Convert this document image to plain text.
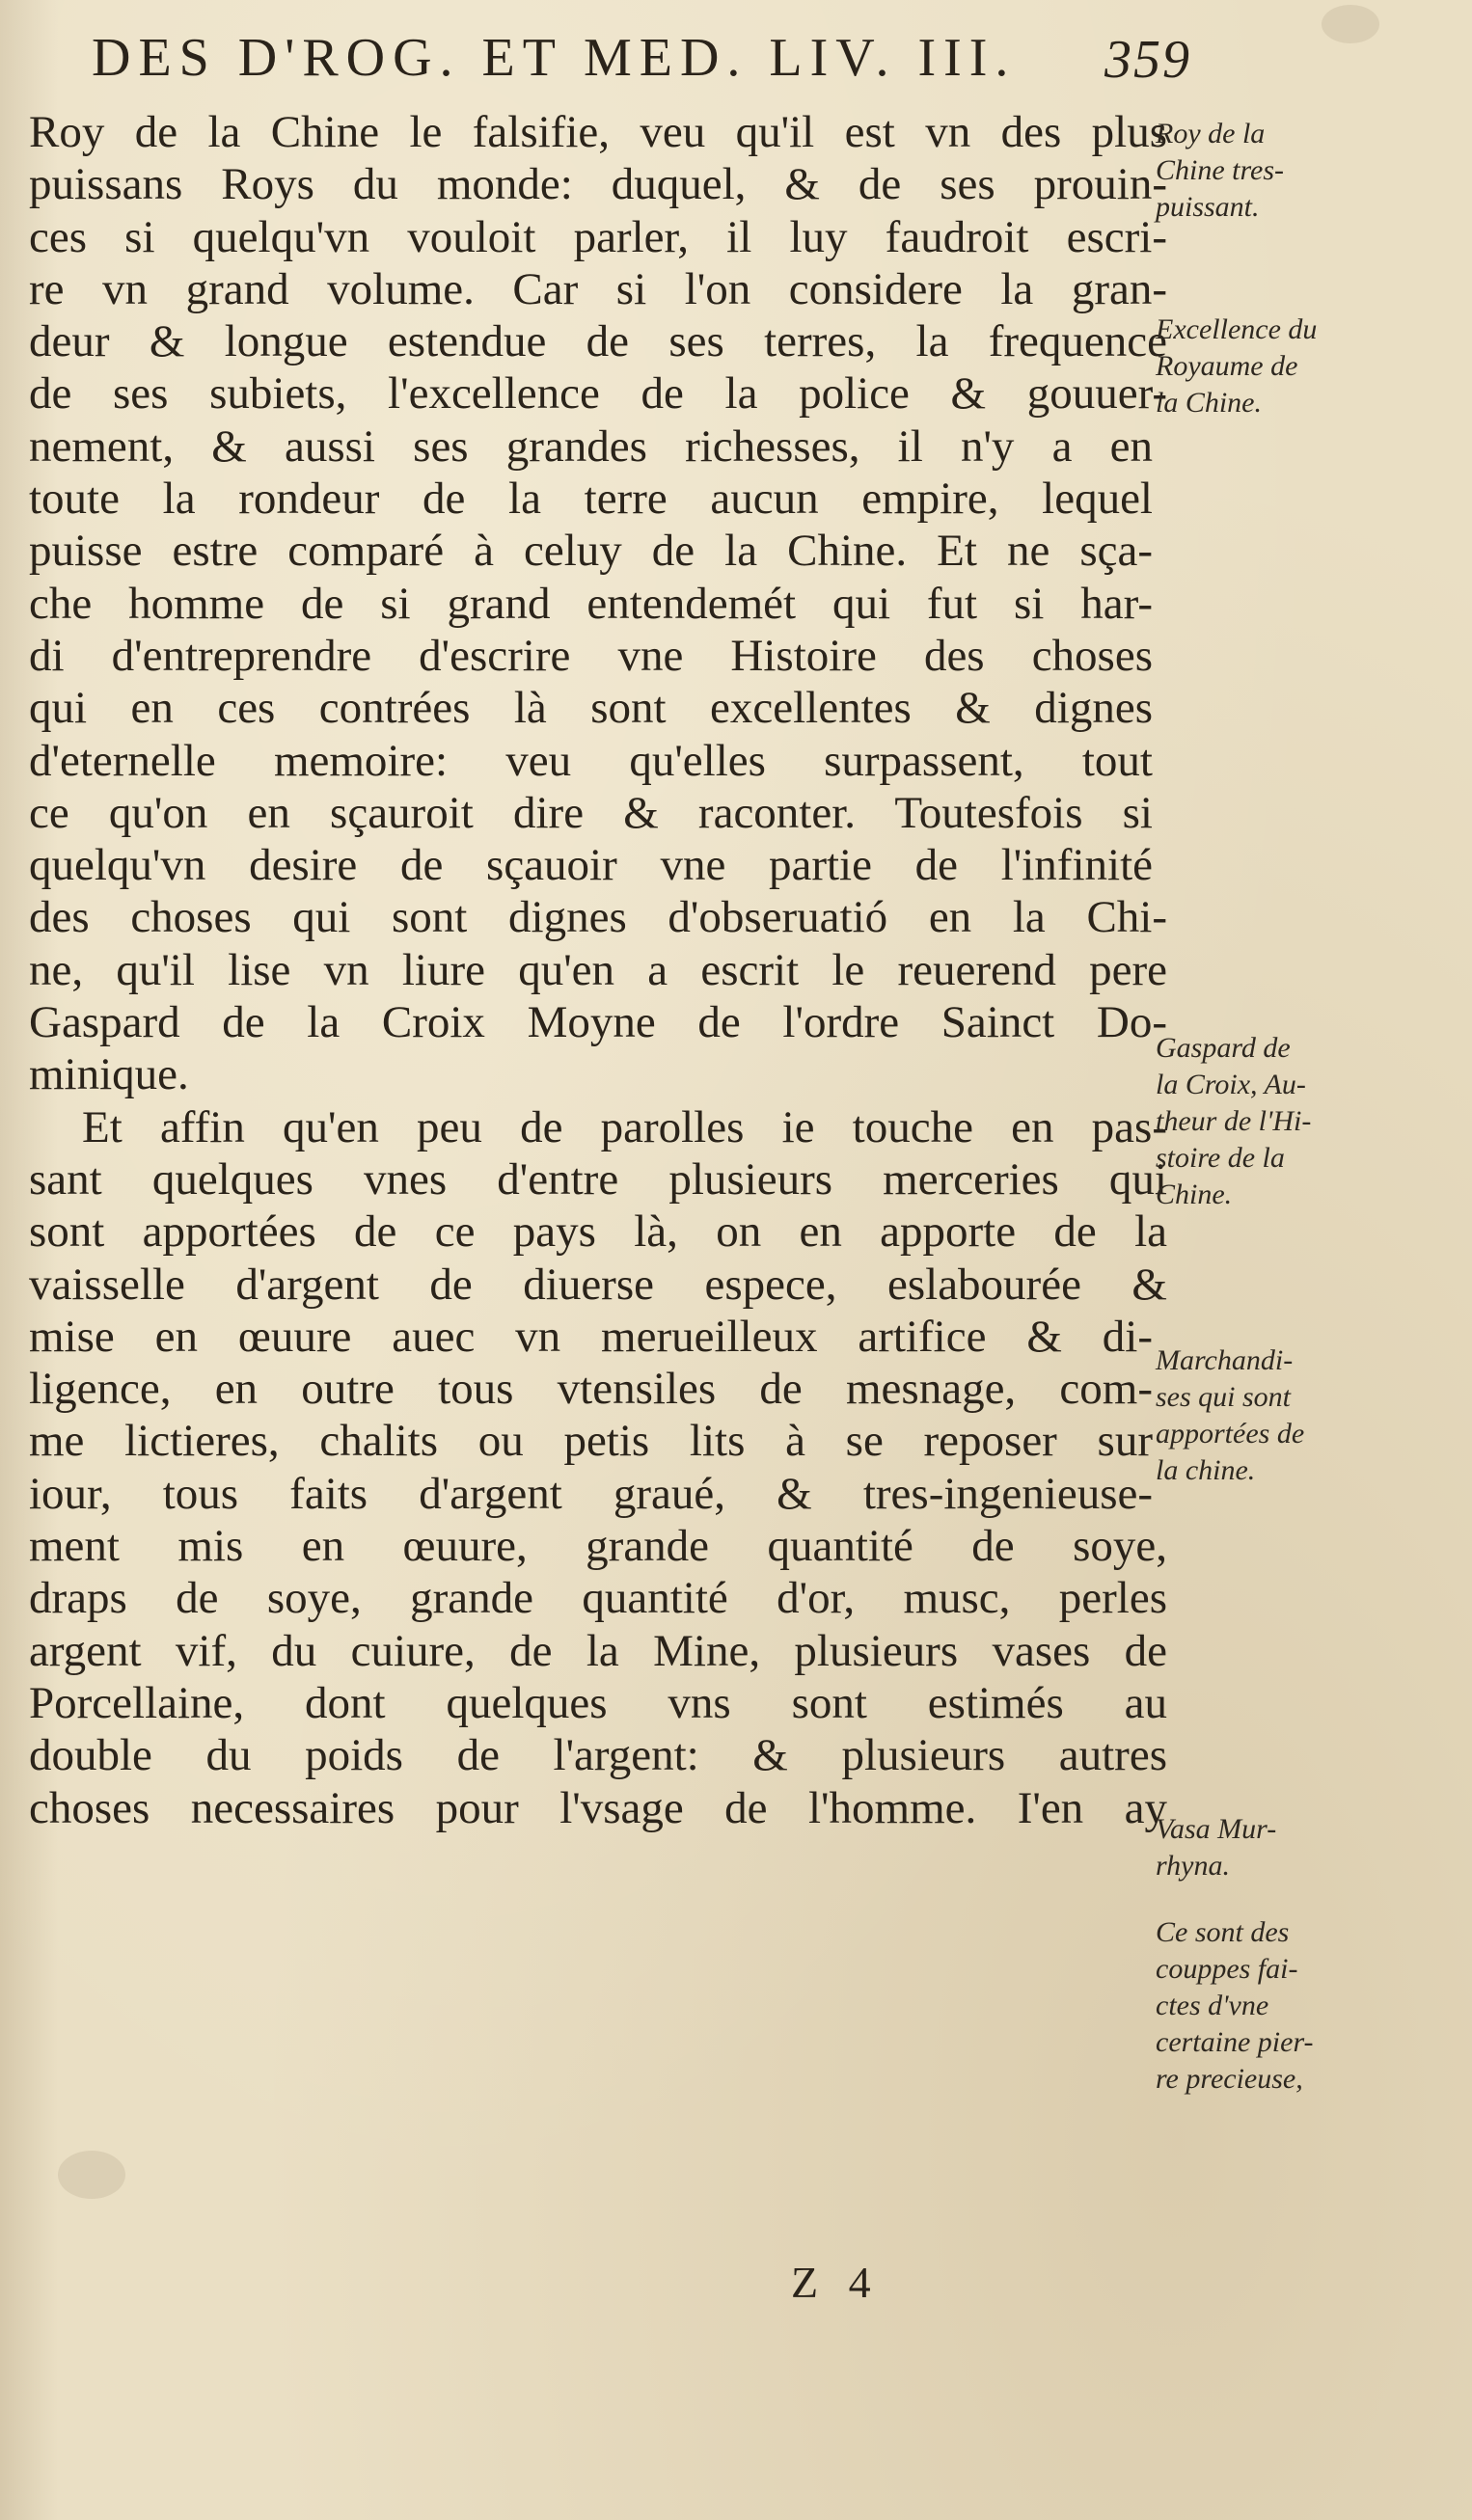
DES D'ROG. ET MED. LIV. III. 359
Roy de la Chine le falsifie, veu qu'il est vn des plus
puissans Roys du monde: duquel, & de ses prouin-
ces si quelqu'vn vouloit parler, il luy faudroit escri-
re vn grand volume. Car si l'on considere la gran-
deur & longue estendue de ses terres, la frequence
de ses subiets, l'excellence de la police & gouuer-
nement, & aussi ses grandes richesses, il n'y a en
toute la rondeur de la terre aucun empire, lequel
puisse estre comparé à celuy de la Chine. Et ne sça-
che homme de si grand entendemét qui fut si har-
di d'entreprendre d'escrire vne Histoire des choses
qui en ces contrées là sont excellentes & dignes
d'eternelle memoire: veu qu'elles surpassent, tout
ce qu'on en sçauroit dire & raconter. Toutesfois si
quelqu'vn desire de sçauoir vne partie de l'infinité
des choses qui sont dignes d'obseruatió en la Chi-
ne, qu'il lise vn liure qu'en a escrit le reuerend pere
Gaspard de la Croix Moyne de l'ordre Sainct Do-
minique.
Et affin qu'en peu de parolles ie touche en pas-
sant quelques vnes d'entre plusieurs merceries qui
sont apportées de ce pays là, on en apporte de la
vaisselle d'argent de diuerse espece, eslabourée &
mise en œuure auec vn merueilleux artifice & di-
ligence, en outre tous vtensiles de mesnage, com-
me lictieres, chalits ou petis lits à se reposer sur
iour, tous faits d'argent graué, & tres-ingenieuse-
ment mis en œuure, grande quantité de soye,
draps de soye, grande quantité d'or, musc, perles
argent vif, du cuiure, de la Mine, plusieurs vases de
Porcellaine, dont quelques vns sont estimés au
double du poids de l'argent: & plusieurs autres
choses necessaires pour l'vsage de l'homme. I'en ay
Roy de la
Chine tres-
puissant.
Excellence du
Royaume de
la Chine.
Gaspard de
la Croix, Au-
theur de l'Hi-
stoire de la
Chine.
Marchandi-
ses qui sont
apportées de
la chine.
Vasa Mur-
rhyna.
Ce sont des
couppes fai-
ctes d'vne
certaine pier-
re precieuse,
Z 4
